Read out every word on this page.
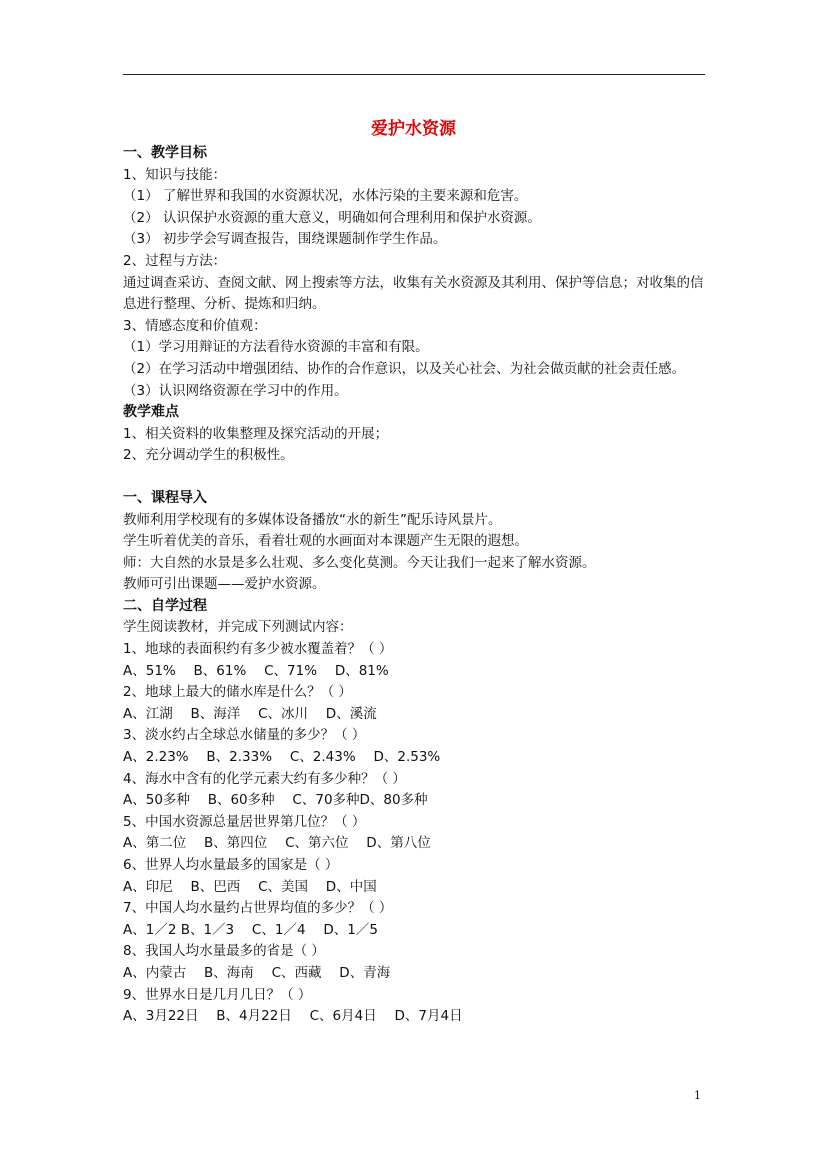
爱护水资源
一、教学目标
1、知识与技能：
（1） 了解世界和我国的水资源状况，水体污染的主要来源和危害。
（2） 认识保护水资源的重大意义，明确如何合理利用和保护水资源。
（3） 初步学会写调查报告，围绕课题制作学生作品。
2、过程与方法：
通过调查采访、查阅文献、网上搜索等方法，收集有关水资源及其利用、保护等信息；对收集的信息进行整理、分析、提炼和归纳。
3、情感态度和价值观：
（1）学习用辩证的方法看待水资源的丰富和有限。
（2）在学习活动中增强团结、协作的合作意识，以及关心社会、为社会做贡献的社会责任感。
（3）认识网络资源在学习中的作用。
教学难点
1、相关资料的收集整理及探究活动的开展；
2、充分调动学生的积极性。
一、课程导入
教师利用学校现有的多媒体设备播放“水的新生”配乐诗风景片。
学生听着优美的音乐，看着壮观的水画面对本课题产生无限的遐想。
师：大自然的水景是多么壮观、多么变化莫测。今天让我们一起来了解水资源。
教师可引出课题——爱护水资源。
二、自学过程
学生阅读教材，并完成下列测试内容：
1、地球的表面积约有多少被水覆盖着？（ ）
A、51%　 B、61%　 C、71%　 D、81%
2、地球上最大的储水库是什么？（ ）
A、江湖　 B、海洋　 C、冰川　 D、溪流
3、淡水约占全球总水储量的多少？（ ）
A、2.23%　 B、2.33%　 C、2.43%　 D、2.53%
4、海水中含有的化学元素大约有多少种？（ ）
A、50多种　 B、60多种　 C、70多种D、80多种
5、中国水资源总量居世界第几位？（ ）
A、第二位　 B、第四位　 C、第六位　 D、第八位
6、世界人均水量最多的国家是（ ）
A、印尼　 B、巴西　 C、美国　 D、中国
7、中国人均水量约占世界均值的多少？（ ）
A、1／2 B、1／3　 C、1／4　 D、1／5
8、我国人均水量最多的省是（ ）
A、内蒙古　 B、海南　 C、西藏　 D、青海
9、世界水日是几月几日？（ ）
A、3月22日　 B、4月22日　 C、6月4日　 D、7月4日
1
